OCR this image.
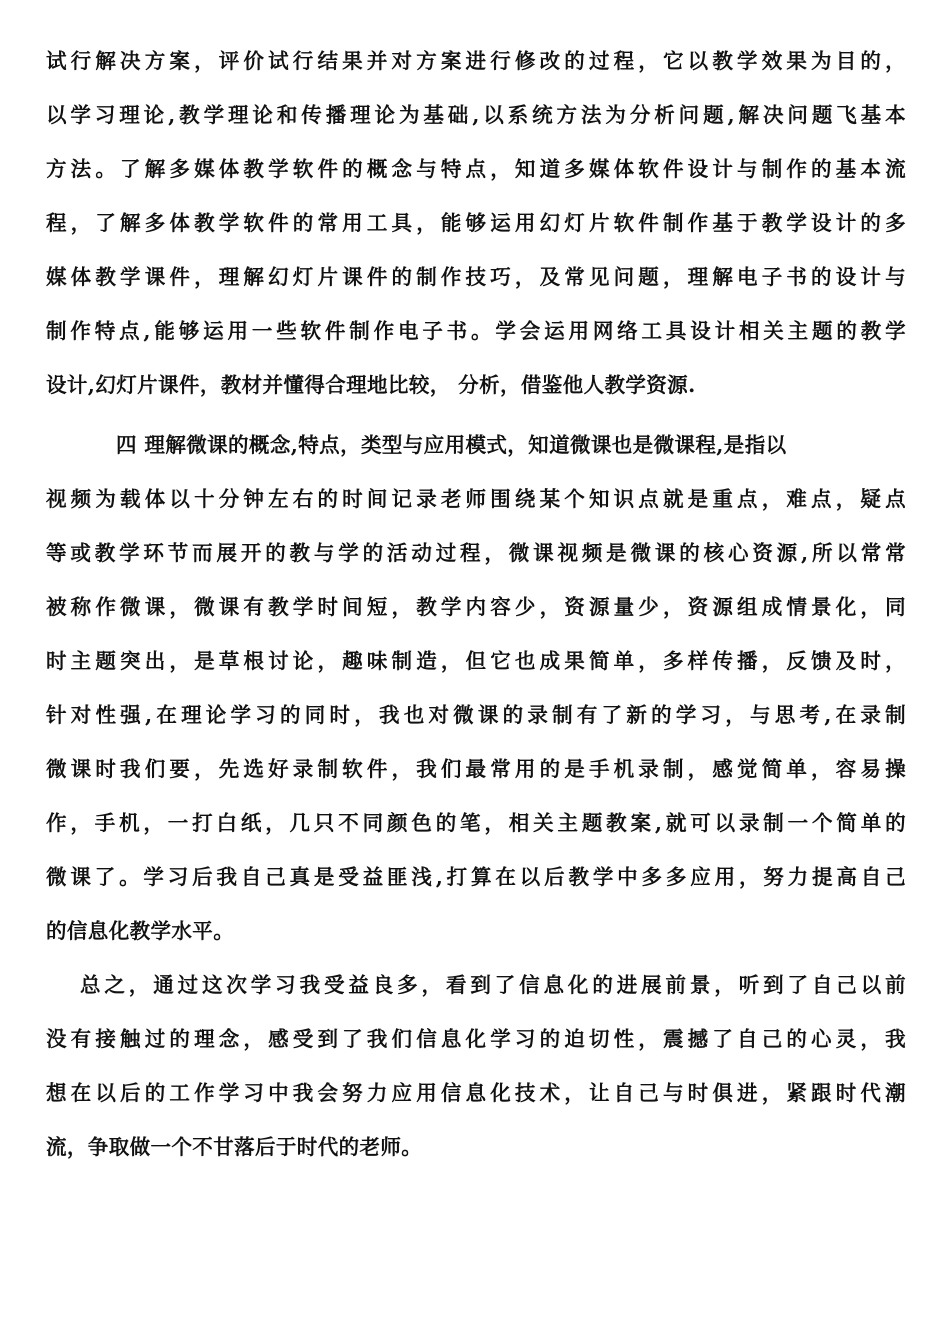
试行解决方案，评价试行结果并对方案进行修改的过程，它以教学效果为目的，
以学习理论,教学理论和传播理论为基础,以系统方法为分析问题,解决问题飞基本
方法。了解多媒体教学软件的概念与特点，知道多媒体软件设计与制作的基本流
程，了解多体教学软件的常用工具，能够运用幻灯片软件制作基于教学设计的多
媒体教学课件，理解幻灯片课件的制作技巧，及常见问题，理解电子书的设计与
制作特点,能够运用一些软件制作电子书。学会运用网络工具设计相关主题的教学
设计,幻灯片课件，教材并懂得合理地比较， 分析，借鉴他人教学资源.
四 理解微课的概念,特点，类型与应用模式，知道微课也是微课程,是指以
视频为载体以十分钟左右的时间记录老师围绕某个知识点就是重点，难点，疑点
等或教学环节而展开的教与学的活动过程，微课视频是微课的核心资源,所以常常
被称作微课，微课有教学时间短，教学内容少，资源量少，资源组成情景化，同
时主题突出，是草根讨论，趣味制造，但它也成果简单，多样传播，反馈及时，
针对性强,在理论学习的同时，我也对微课的录制有了新的学习，与思考,在录制
微课时我们要，先选好录制软件，我们最常用的是手机录制，感觉简单，容易操
作，手机，一打白纸，几只不同颜色的笔，相关主题教案,就可以录制一个简单的
微课了。学习后我自己真是受益匪浅,打算在以后教学中多多应用，努力提高自己
的信息化教学水平。
总之，通过这次学习我受益良多，看到了信息化的进展前景，听到了自己以前
没有接触过的理念，感受到了我们信息化学习的迫切性，震撼了自己的心灵，我
想在以后的工作学习中我会努力应用信息化技术，让自己与时俱进，紧跟时代潮
流，争取做一个不甘落后于时代的老师。
